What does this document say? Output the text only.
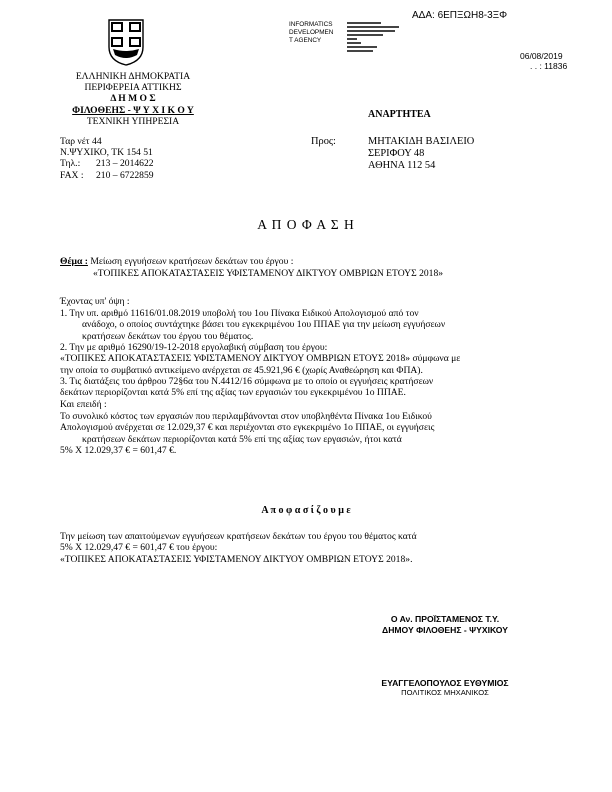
ΑΔΑ: 6ΕΠΞΩΗ8-3ΞΦ
INFORMATICS
DEVELOPMEN
T AGENCY
06/08/2019
. . : 11836
ΕΛΛΗΝΙΚΗ ΔΗΜΟΚΡΑΤΙΑ
ΠΕΡΙΦΕΡΕΙΑ ΑΤΤΙΚΗΣ
Δ Η Μ Ο Σ
ΦΙΛΟΘΕΗΣ - Ψ Υ Χ Ι Κ Ο Υ
ΤΕΧΝΙΚΗ ΥΠΗΡΕΣΙΑ
Ταρ νέτ 44
Ν.ΨΥΧΙΚΟ, ΤΚ 154 51
Τηλ.: 213 – 2014622
FAX : 210 – 6722859
ΑΝΑΡΤΗΤΕΑ
Προς:	ΜΗΤΑΚΙΔΗ ΒΑΣΙΛΕΙΟ
ΣΕΡΙΦΟΥ 48
ΑΘΗΝΑ 112 54
Α Π Ο Φ Α Σ Η
Θέμα : Μείωση εγγυήσεων κρατήσεων δεκάτων του έργου :
«ΤΟΠΙΚΕΣ ΑΠΟΚΑΤΑΣΤΑΣΕΙΣ ΥΦΙΣΤΑΜΕΝΟΥ ΔΙΚΤΥΟΥ ΟΜΒΡΙΩΝ ΕΤΟΥΣ 2018»
Έχοντας υπ' όψη :
1. Την υπ. αριθμό 11616/01.08.2019 υποβολή του 1ου Πίνακα Ειδικού Απολογισμού από τον
ανάδοχο, ο οποίος συντάχτηκε βάσει του εγκεκριμένου 1ου ΠΠΑΕ για την μείωση εγγυήσεων
κρατήσεων δεκάτων του έργου του θέματος.
2. Την με αριθμό 16290/19-12-2018 εργολαβική σύμβαση του έργου:
«ΤΟΠΙΚΕΣ ΑΠΟΚΑΤΑΣΤΑΣΕΙΣ ΥΦΙΣΤΑΜΕΝΟΥ ΔΙΚΤΥΟΥ ΟΜΒΡΙΩΝ ΕΤΟΥΣ 2018» σύμφωνα με
την οποία το συμβατικό αντικείμενο ανέρχεται σε 45.921,96 € (χωρίς Αναθεώρηση και ΦΠΑ).
3. Τις διατάξεις του άρθρου 72§6α του Ν.4412/16 σύμφωνα με το οποίο οι εγγυήσεις κρατήσεων
δεκάτων περιορίζονται κατά 5% επί της αξίας των εργασιών του εγκεκριμένου 1ο ΠΠΑΕ.
Και επειδή :
Το συνολικό κόστος των εργασιών που περιλαμβάνονται στον υποβληθέντα Πίνακα 1ου Ειδικού
Απολογισμού ανέρχεται σε 12.029,37 € και περιέχονται στο εγκεκριμένο 1ο ΠΠΑΕ, οι εγγυήσεις
κρατήσεων δεκάτων περιορίζονται κατά 5% επί της αξίας των εργασιών, ήτοι κατά
5% Χ 12.029,37 € = 601,47 €.
Α π ο φ α σ ί ζ ο υ μ ε
Την μείωση των απαιτούμενων εγγυήσεων κρατήσεων δεκάτων του έργου του θέματος κατά
5% Χ 12.029,47 € = 601,47 € του έργου:
«ΤΟΠΙΚΕΣ ΑΠΟΚΑΤΑΣΤΑΣΕΙΣ ΥΦΙΣΤΑΜΕΝΟΥ ΔΙΚΤΥΟΥ ΟΜΒΡΙΩΝ ΕΤΟΥΣ 2018».
Ο Αν. ΠΡΟΪΣΤΑΜΕΝΟΣ Τ.Υ.
ΔΗΜΟΥ ΦΙΛΟΘΕΗΣ - ΨΥΧΙΚΟΥ
ΕΥΑΓΓΕΛΟΠΟΥΛΟΣ ΕΥΘΥΜΙΟΣ
ΠΟΛΙΤΙΚΟΣ ΜΗΧΑΝΙΚΟΣ
